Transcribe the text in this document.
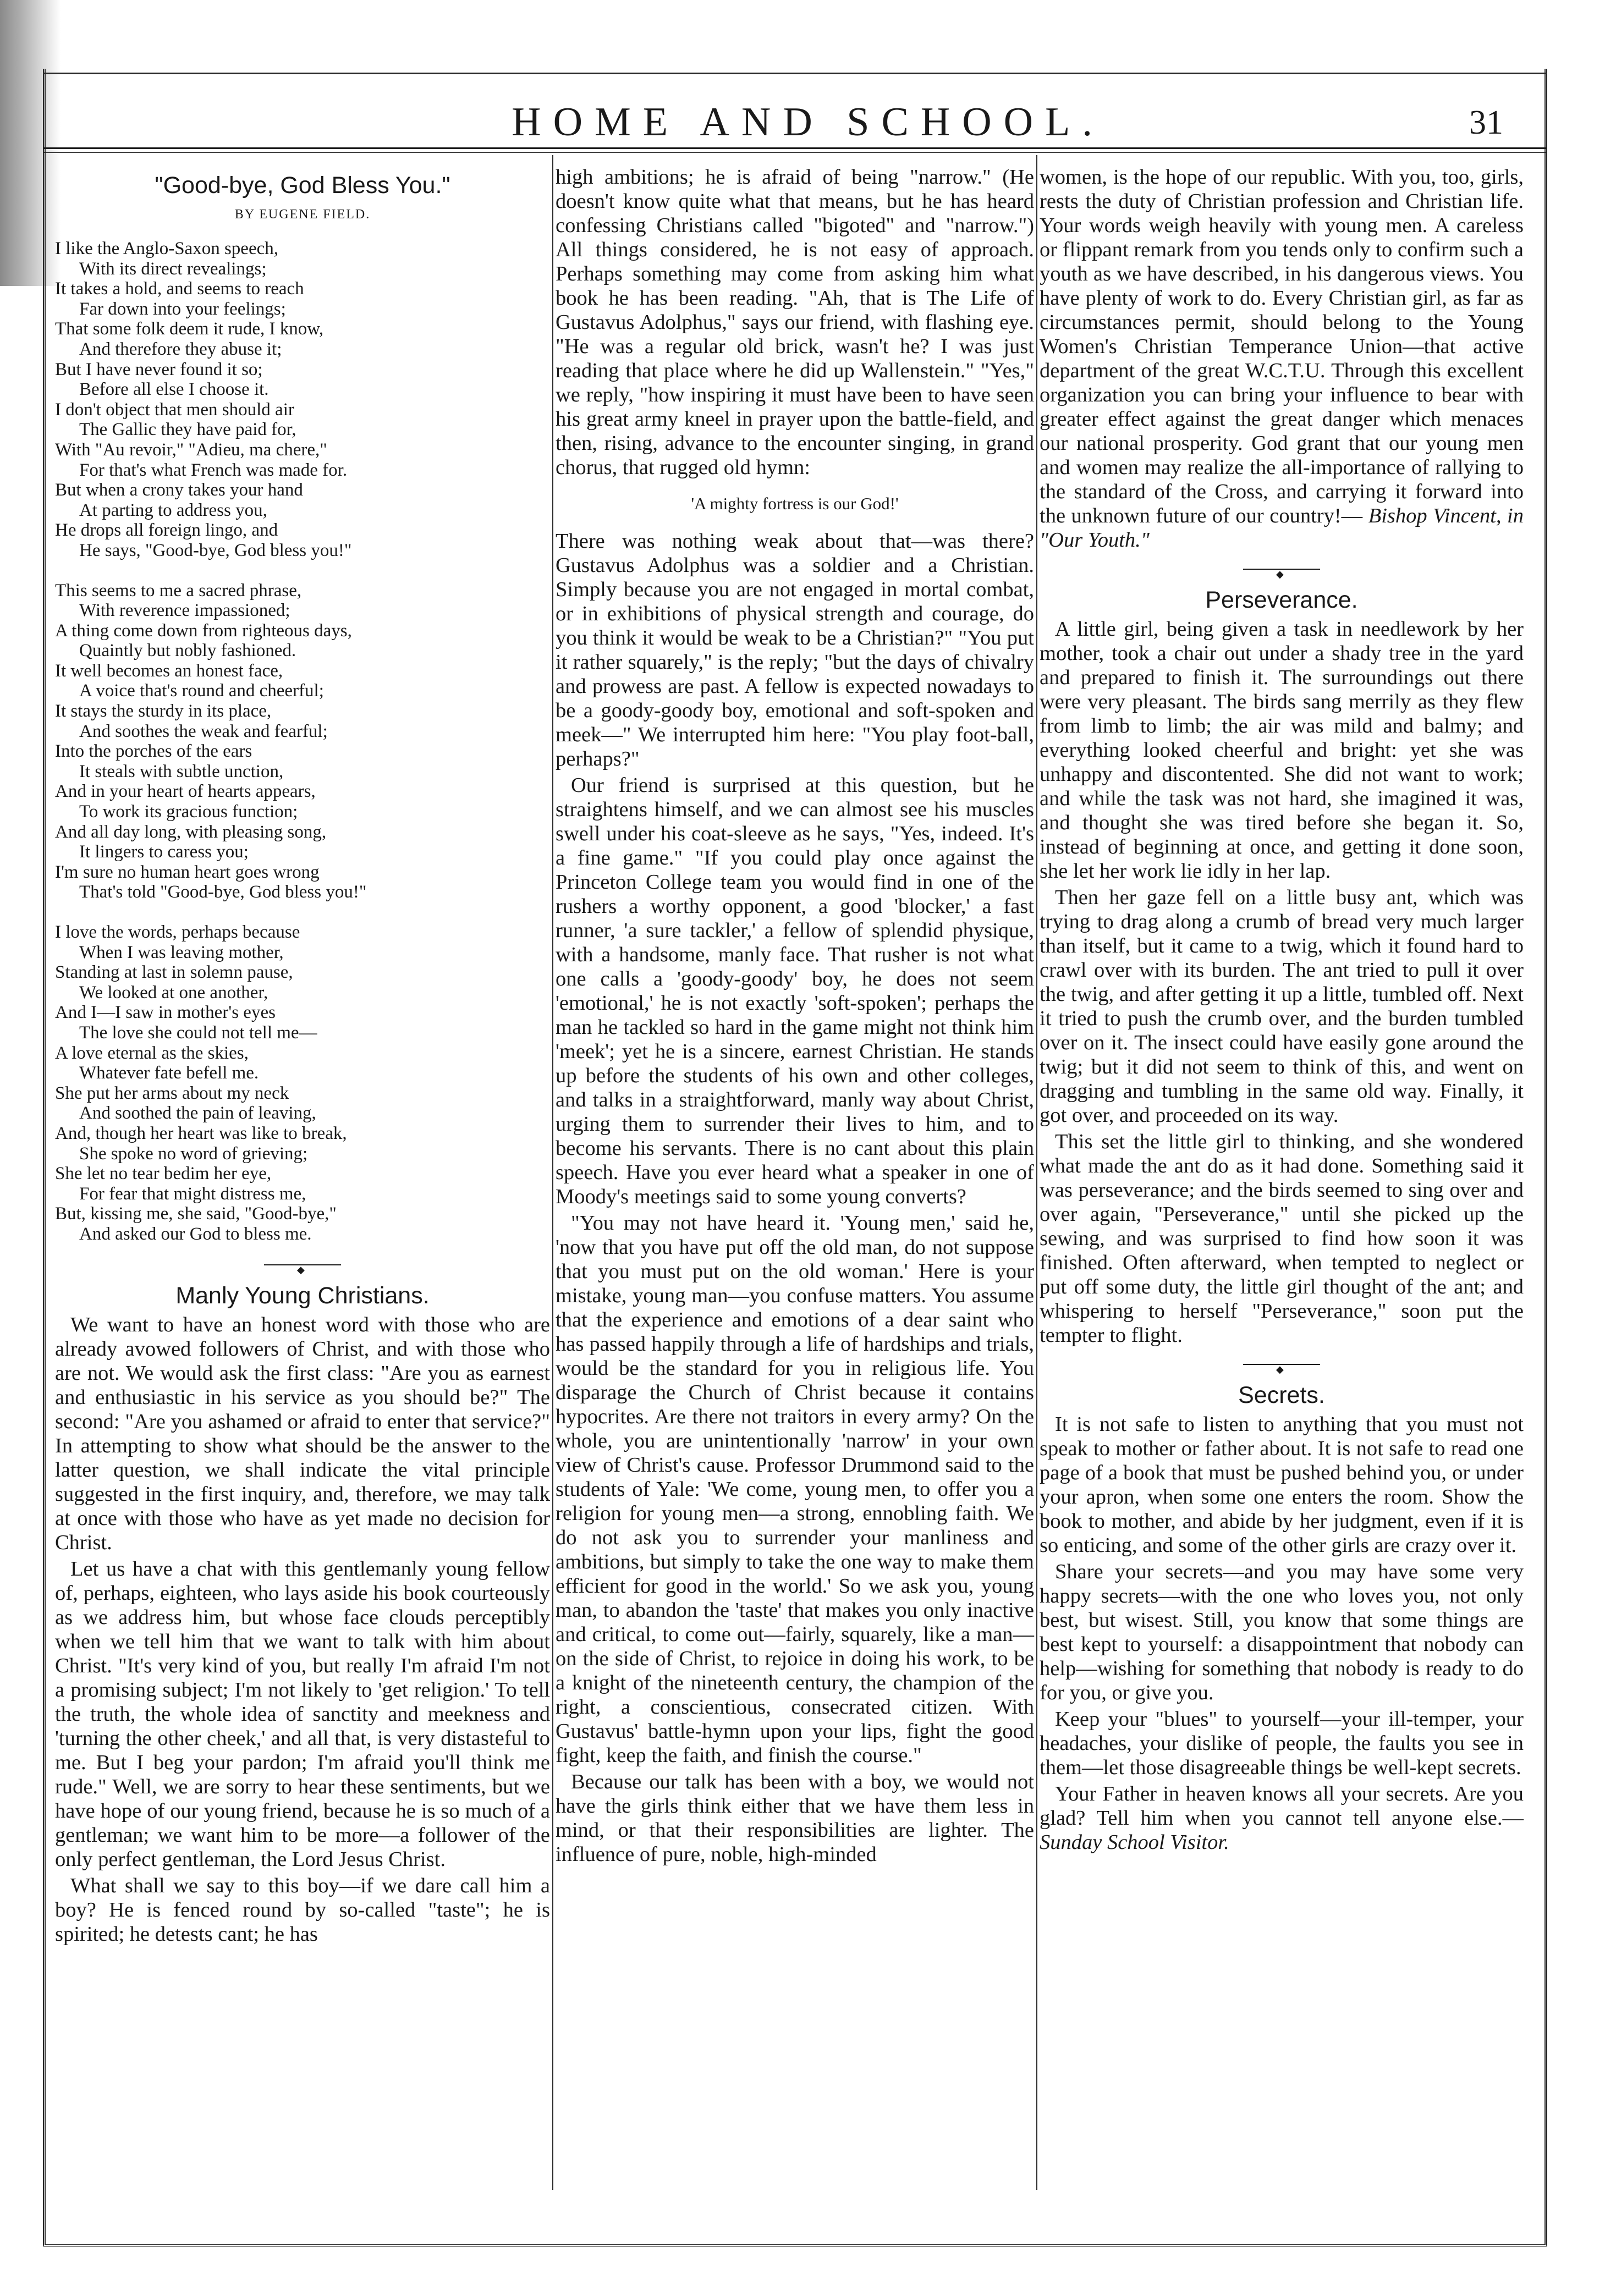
HOME AND SCHOOL.	31
"Good-bye, God Bless You."
BY EUGENE FIELD.
I like the Anglo-Saxon speech,
With its direct revealings;
It takes a hold, and seems to reach
Far down into your feelings;
That some folk deem it rude, I know,
And therefore they abuse it;
But I have never found it so;
Before all else I choose it.
I don't object that men should air
The Gallic they have paid for,
With "Au revoir," "Adieu, ma chere,"
For that's what French was made for.
But when a crony takes your hand
At parting to address you,
He drops all foreign lingo, and
He says, "Good-bye, God bless you!"
This seems to me a sacred phrase,
With reverence impassioned;
A thing come down from righteous days,
Quaintly but nobly fashioned.
It well becomes an honest face,
A voice that's round and cheerful;
It stays the sturdy in its place,
And soothes the weak and fearful;
Into the porches of the ears
It steals with subtle unction,
And in your heart of hearts appears,
To work its gracious function;
And all day long, with pleasing song,
It lingers to caress you;
I'm sure no human heart goes wrong
That's told "Good-bye, God bless you!"
I love the words, perhaps because
When I was leaving mother,
Standing at last in solemn pause,
We looked at one another,
And I—I saw in mother's eyes
The love she could not tell me—
A love eternal as the skies,
Whatever fate befell me.
She put her arms about my neck
And soothed the pain of leaving,
And, though her heart was like to break,
She spoke no word of grieving;
She let no tear bedim her eye,
For fear that might distress me,
But, kissing me, she said, "Good-bye,"
And asked our God to bless me.
◆
Manly Young Christians.

We want to have an honest word with those who are already avowed followers of Christ, and with those who are not. We would ask the first class: "Are you as earnest and enthusiastic in his service as you should be?" The second: "Are you ashamed or afraid to enter that service?" In attempting to show what should be the answer to the latter question, we shall indicate the vital principle suggested in the first inquiry, and, therefore, we may talk at once with those who have as yet made no decision for Christ.

Let us have a chat with this gentlemanly young fellow of, perhaps, eighteen, who lays aside his book courteously as we address him, but whose face clouds perceptibly when we tell him that we want to talk with him about Christ. "It's very kind of you, but really I'm afraid I'm not a promising subject; I'm not likely to 'get religion.' To tell the truth, the whole idea of sanctity and meekness and 'turning the other cheek,' and all that, is very distasteful to me. But I beg your pardon; I'm afraid you'll think me rude." Well, we are sorry to hear these sentiments, but we have hope of our young friend, because he is so much of a gentleman; we want him to be more—a follower of the only perfect gentleman, the Lord Jesus Christ.

What shall we say to this boy—if we dare call him a boy? He is fenced round by so-called "taste"; he is spirited; he detests cant; he has

high ambitions; he is afraid of being "narrow." (He doesn't know quite what that means, but he has heard confessing Christians called "bigoted" and "narrow.") All things considered, he is not easy of approach. Perhaps something may come from asking him what book he has been reading. "Ah, that is The Life of Gustavus Adolphus," says our friend, with flashing eye. "He was a regular old brick, wasn't he? I was just reading that place where he did up Wallenstein." "Yes," we reply, "how inspiring it must have been to have seen his great army kneel in prayer upon the battle-field, and then, rising, advance to the encounter singing, in grand chorus, that rugged old hymn:

'A mighty fortress is our God!'

There was nothing weak about that—was there? Gustavus Adolphus was a soldier and a Christian. Simply because you are not engaged in mortal combat, or in exhibitions of physical strength and courage, do you think it would be weak to be a Christian?" "You put it rather squarely," is the reply; "but the days of chivalry and prowess are past. A fellow is expected nowadays to be a goody-goody boy, emotional and soft-spoken and meek—" We interrupted him here: "You play foot-ball, perhaps?"

Our friend is surprised at this question, but he straightens himself, and we can almost see his muscles swell under his coat-sleeve as he says, "Yes, indeed. It's a fine game." "If you could play once against the Princeton College team you would find in one of the rushers a worthy opponent, a good 'blocker,' a fast runner, 'a sure tackler,' a fellow of splendid physique, with a handsome, manly face. That rusher is not what one calls a 'goody-goody' boy, he does not seem 'emotional,' he is not exactly 'soft-spoken'; perhaps the man he tackled so hard in the game might not think him 'meek'; yet he is a sincere, earnest Christian. He stands up before the students of his own and other colleges, and talks in a straightforward, manly way about Christ, urging them to surrender their lives to him, and to become his servants. There is no cant about this plain speech. Have you ever heard what a speaker in one of Moody's meetings said to some young converts?

"You may not have heard it. 'Young men,' said he, 'now that you have put off the old man, do not suppose that you must put on the old woman.' Here is your mistake, young man—you confuse matters. You assume that the experience and emotions of a dear saint who has passed happily through a life of hardships and trials, would be the standard for you in religious life. You disparage the Church of Christ because it contains hypocrites. Are there not traitors in every army? On the whole, you are unintentionally 'narrow' in your own view of Christ's cause. Professor Drummond said to the students of Yale: 'We come, young men, to offer you a religion for young men—a strong, ennobling faith. We do not ask you to surrender your manliness and ambitions, but simply to take the one way to make them efficient for good in the world.' So we ask you, young man, to abandon the 'taste' that makes you only inactive and critical, to come out—fairly, squarely, like a man—on the side of Christ, to rejoice in doing his work, to be a knight of the nineteenth century, the champion of the right, a conscientious, consecrated citizen. With Gustavus' battle-hymn upon your lips, fight the good fight, keep the faith, and finish the course."

Because our talk has been with a boy, we would not have the girls think either that we have them less in mind, or that their responsibilities are lighter. The influence of pure, noble, high-minded

women, is the hope of our republic. With you, too, girls, rests the duty of Christian profession and Christian life. Your words weigh heavily with young men. A careless or flippant remark from you tends only to confirm such a youth as we have described, in his dangerous views. You have plenty of work to do. Every Christian girl, as far as circumstances permit, should belong to the Young Women's Christian Temperance Union—that active department of the great W.C.T.U. Through this excellent organization you can bring your influence to bear with greater effect against the great danger which menaces our national prosperity. God grant that our young men and women may realize the all-importance of rallying to the standard of the Cross, and carrying it forward into the unknown future of our country!— Bishop Vincent, in "Our Youth."

◆
Perseverance.

A little girl, being given a task in needlework by her mother, took a chair out under a shady tree in the yard and prepared to finish it. The surroundings out there were very pleasant. The birds sang merrily as they flew from limb to limb; the air was mild and balmy; and everything looked cheerful and bright: yet she was unhappy and discontented. She did not want to work; and while the task was not hard, she imagined it was, and thought she was tired before she began it. So, instead of beginning at once, and getting it done soon, she let her work lie idly in her lap.

Then her gaze fell on a little busy ant, which was trying to drag along a crumb of bread very much larger than itself, but it came to a twig, which it found hard to crawl over with its burden. The ant tried to pull it over the twig, and after getting it up a little, tumbled off. Next it tried to push the crumb over, and the burden tumbled over on it. The insect could have easily gone around the twig; but it did not seem to think of this, and went on dragging and tumbling in the same old way. Finally, it got over, and proceeded on its way.

This set the little girl to thinking, and she wondered what made the ant do as it had done. Something said it was perseverance; and the birds seemed to sing over and over again, "Perseverance," until she picked up the sewing, and was surprised to find how soon it was finished. Often afterward, when tempted to neglect or put off some duty, the little girl thought of the ant; and whispering to herself "Perseverance," soon put the tempter to flight.

◆
Secrets.

It is not safe to listen to anything that you must not speak to mother or father about. It is not safe to read one page of a book that must be pushed behind you, or under your apron, when some one enters the room. Show the book to mother, and abide by her judgment, even if it is so enticing, and some of the other girls are crazy over it.

Share your secrets—and you may have some very happy secrets—with the one who loves you, not only best, but wisest. Still, you know that some things are best kept to yourself: a disappointment that nobody can help—wishing for something that nobody is ready to do for you, or give you.

Keep your "blues" to yourself—your ill-temper, your headaches, your dislike of people, the faults you see in them—let those disagreeable things be well-kept secrets.

Your Father in heaven knows all your secrets. Are you glad? Tell him when you cannot tell anyone else.—Sunday School Visitor.
